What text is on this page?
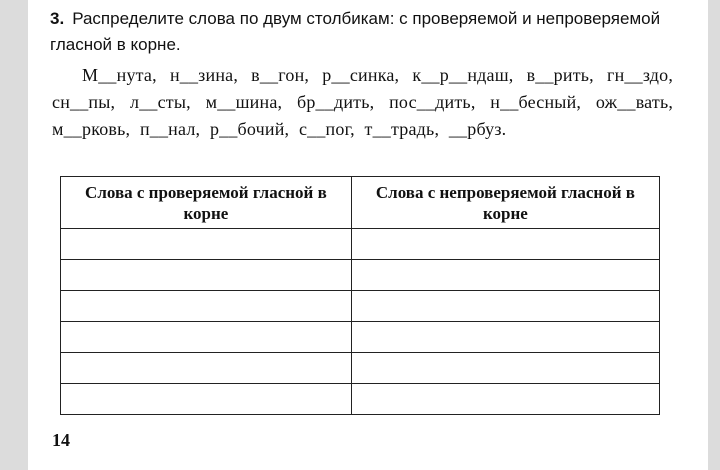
3. Распределите слова по двум столбикам: с проверяемой и непроверяемой гласной в корне.
М__нута, н__зина, в__гон, р__синка, к__р__ндаш, в__рить, гн__здо, сн__пы, л__сты, м__шина, бр__дить, пос__дить, н__бесный, ож__вать, м__рковь, п__нал, р__бочий, с__пог, т__традь, __рбуз.
Слова с проверяемой гласной в корне	Слова с непроверяемой гласной в корне

14
